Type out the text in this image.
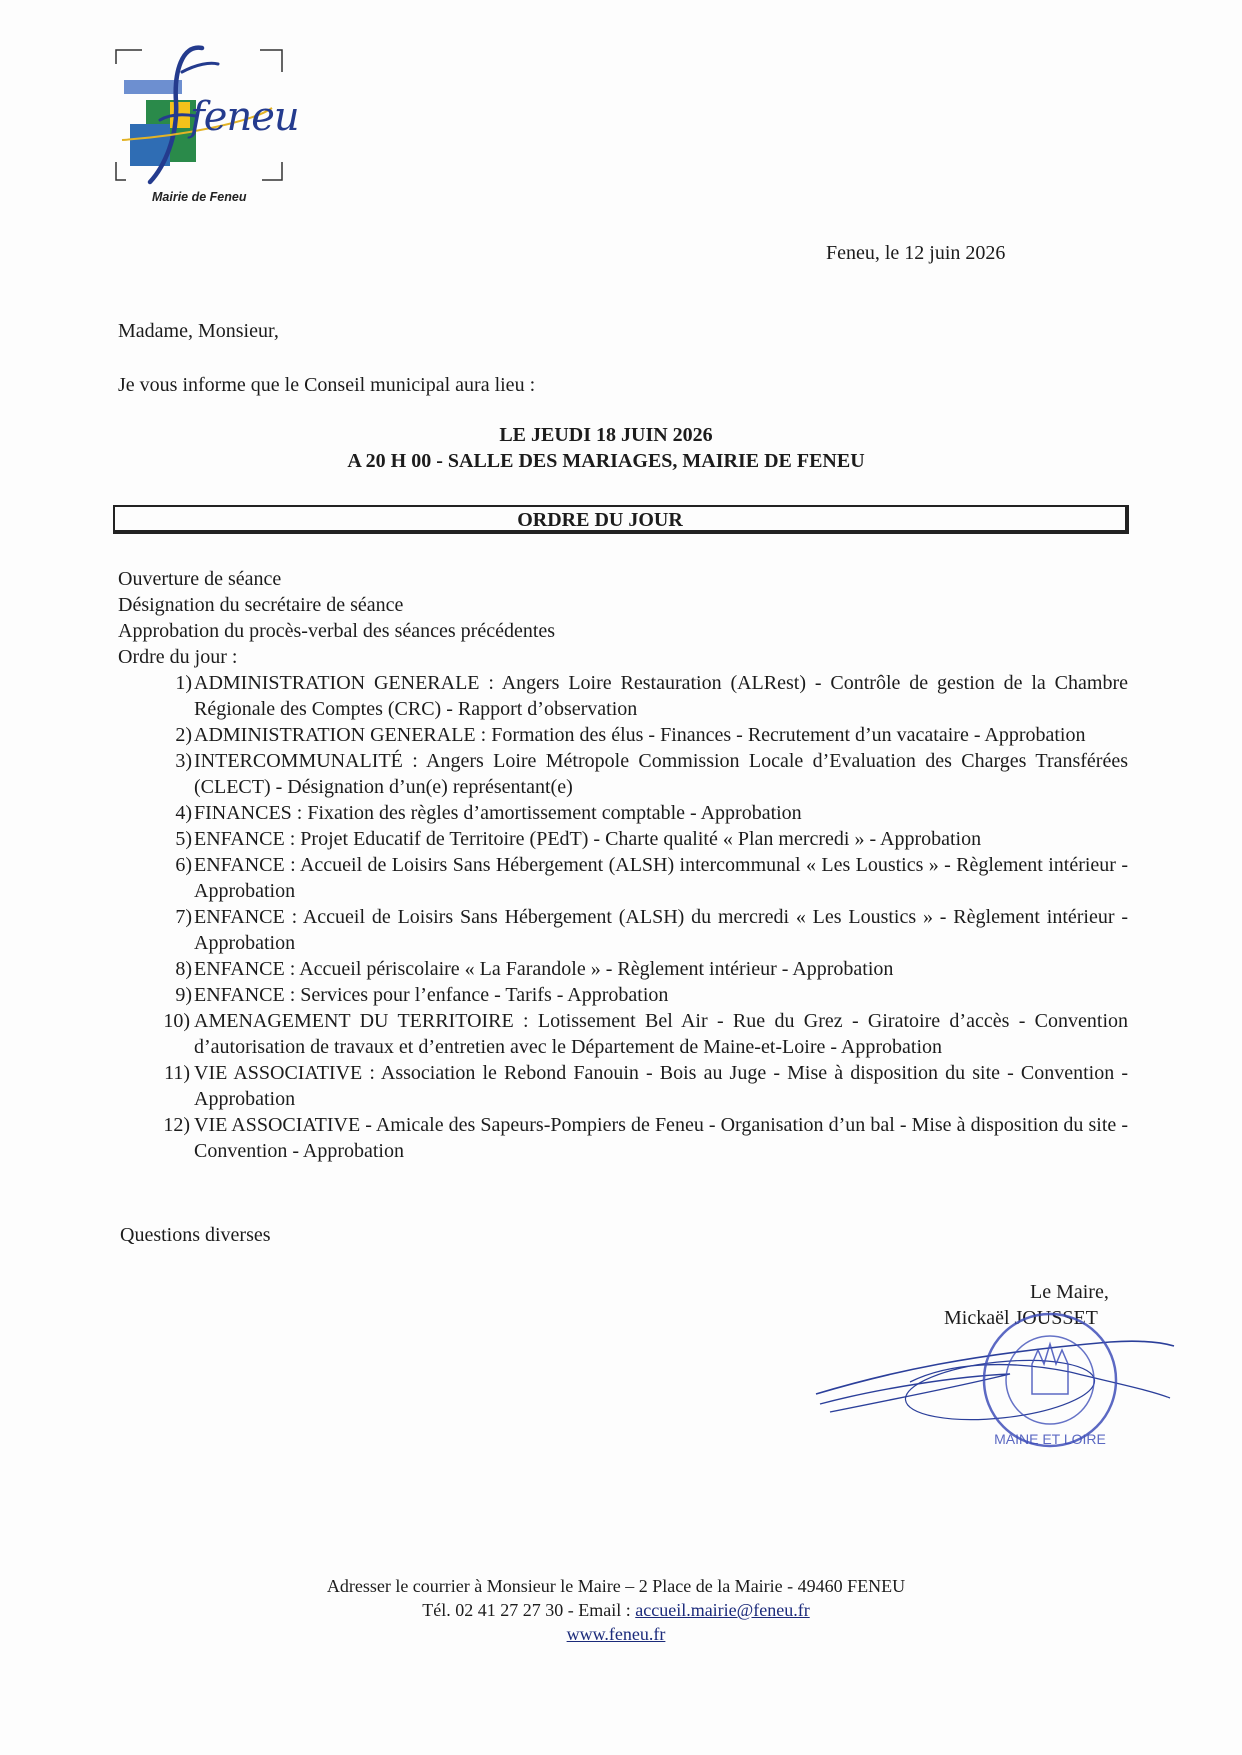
feneu
Mairie de Feneu
Feneu, le 12 juin 2026
Madame, Monsieur,
Je vous informe que le Conseil municipal aura lieu :
LE JEUDI 18 JUIN 2026
A 20 H 00 - SALLE DES MARIAGES, MAIRIE DE FENEU
ORDRE DU JOUR
Ouverture de séance
Désignation du secrétaire de séance
Approbation du procès-verbal des séances précédentes
Ordre du jour :
1) ADMINISTRATION GENERALE : Angers Loire Restauration (ALRest) - Contrôle de gestion de la Chambre Régionale des Comptes (CRC) - Rapport d’observation
2) ADMINISTRATION GENERALE : Formation des élus - Finances - Recrutement d’un vacataire - Approbation
3) INTERCOMMUNALITÉ : Angers Loire Métropole Commission Locale d’Evaluation des Charges Transférées (CLECT) - Désignation d’un(e) représentant(e)
4) FINANCES : Fixation des règles d’amortissement comptable - Approbation
5) ENFANCE : Projet Educatif de Territoire (PEdT) - Charte qualité « Plan mercredi » - Approbation
6) ENFANCE : Accueil de Loisirs Sans Hébergement (ALSH) intercommunal « Les Loustics » - Règlement intérieur - Approbation
7) ENFANCE : Accueil de Loisirs Sans Hébergement (ALSH) du mercredi « Les Loustics » - Règlement intérieur - Approbation
8) ENFANCE : Accueil périscolaire « La Farandole » - Règlement intérieur - Approbation
9) ENFANCE : Services pour l’enfance - Tarifs - Approbation
10) AMENAGEMENT DU TERRITOIRE : Lotissement Bel Air - Rue du Grez - Giratoire d’accès - Convention d’autorisation de travaux et d’entretien avec le Département de Maine-et-Loire - Approbation
11) VIE ASSOCIATIVE : Association le Rebond Fanouin - Bois au Juge - Mise à disposition du site - Convention - Approbation
12) VIE ASSOCIATIVE - Amicale des Sapeurs-Pompiers de Feneu - Organisation d’un bal - Mise à disposition du site - Convention - Approbation
Questions diverses
Le Maire,
Mickaël JOUSSET
MAINE ET LOIRE
Adresser le courrier à Monsieur le Maire – 2 Place de la Mairie - 49460 FENEU
Tél. 02 41 27 27 30 - Email : accueil.mairie@feneu.fr
www.feneu.fr
